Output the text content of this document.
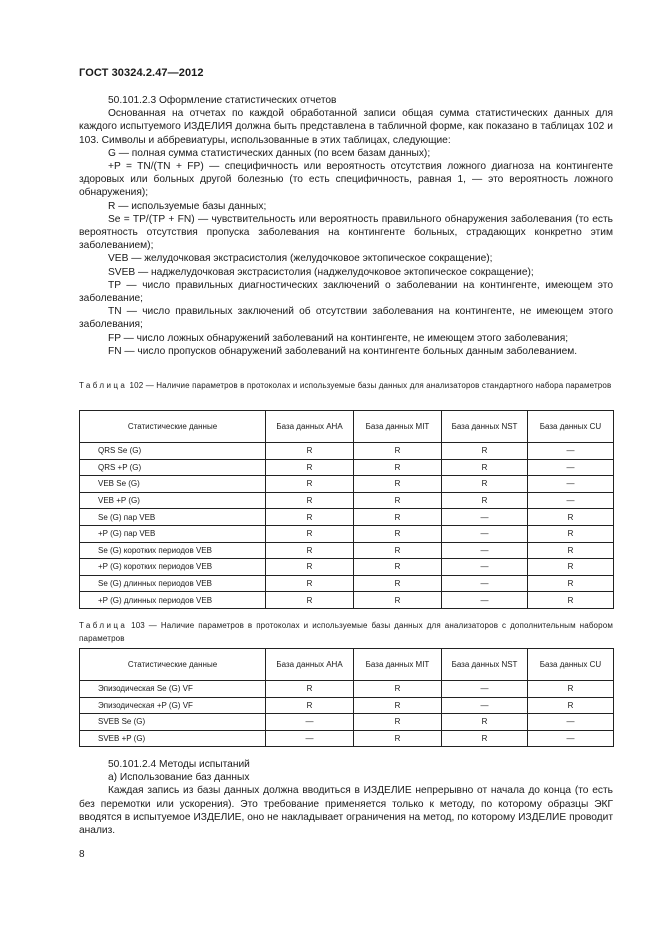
ГОСТ 30324.2.47—2012

50.101.2.3 Оформление статистических отчетов

Основанная на отчетах по каждой обработанной записи общая сумма статистических данных для каждого испытуемого ИЗДЕЛИЯ должна быть представлена в табличной форме, как показано в таблицах 102 и 103. Символы и аббревиатуры, использованные в этих таблицах, следующие:

G — полная сумма статистических данных (по всем базам данных);

+P = TN/(TN + FP) — специфичность или вероятность отсутствия ложного диагноза на контингенте здоровых или больных другой болезнью (то есть специфичность, равная 1, — это вероятность ложного обнаружения);

R — используемые базы данных;

Se = TP/(TP + FN) — чувствительность или вероятность правильного обнаружения заболевания (то есть вероятность отсутствия пропуска заболевания на контингенте больных, страдающих конкретно этим заболеванием);

VEB — желудочковая экстрасистолия (желудочковое эктопическое сокращение);

SVEB — наджелудочковая экстрасистолия (наджелудочковое эктопическое сокращение);

TP — число правильных диагностических заключений о заболевании на контингенте, имеющем это заболевание;

TN — число правильных заключений об отсутствии заболевания на контингенте, не имеющем этого заболевания;

FP — число ложных обнаружений заболеваний на контингенте, не имеющем этого заболевания;

FN — число пропусков обнаружений заболеваний на контингенте больных данным заболеванием.

Таблица 102 — Наличие параметров в протоколах и используемые базы данных для анализаторов стандартного набора параметров
Статистические данные	База данных AHA	База данных MIT	База данных NST	База данных CU
QRS Se (G)	R	R	R	—
QRS +P (G)	R	R	R	—
VEB Se (G)	R	R	R	—
VEB +P (G)	R	R	R	—
Se (G) пар VEB	R	R	—	R
+P (G) пар VEB	R	R	—	R
Se (G) коротких периодов VEB	R	R	—	R
+P (G) коротких периодов VEB	R	R	—	R
Se (G) длинных периодов VEB	R	R	—	R
+P (G) длинных периодов VEB	R	R	—	R
Таблица 103 — Наличие параметров в протоколах и используемые базы данных для анализаторов с дополнительным набором параметров
Статистические данные	База данных AHA	База данных MIT	База данных NST	База данных CU
Эпизодическая Se (G) VF	R	R	—	R
Эпизодическая +P (G) VF	R	R	—	R
SVEB Se (G)	—	R	R	—
SVEB +P (G)	—	R	R	—

50.101.2.4 Методы испытаний

а) Использование баз данных

Каждая запись из базы данных должна вводиться в ИЗДЕЛИЕ непрерывно от начала до конца (то есть без перемотки или ускорения). Это требование применяется только к методу, по которому образцы ЭКГ вводятся в испытуемое ИЗДЕЛИЕ, оно не накладывает ограничения на метод, по которому ИЗДЕЛИЕ проводит анализ.

8
